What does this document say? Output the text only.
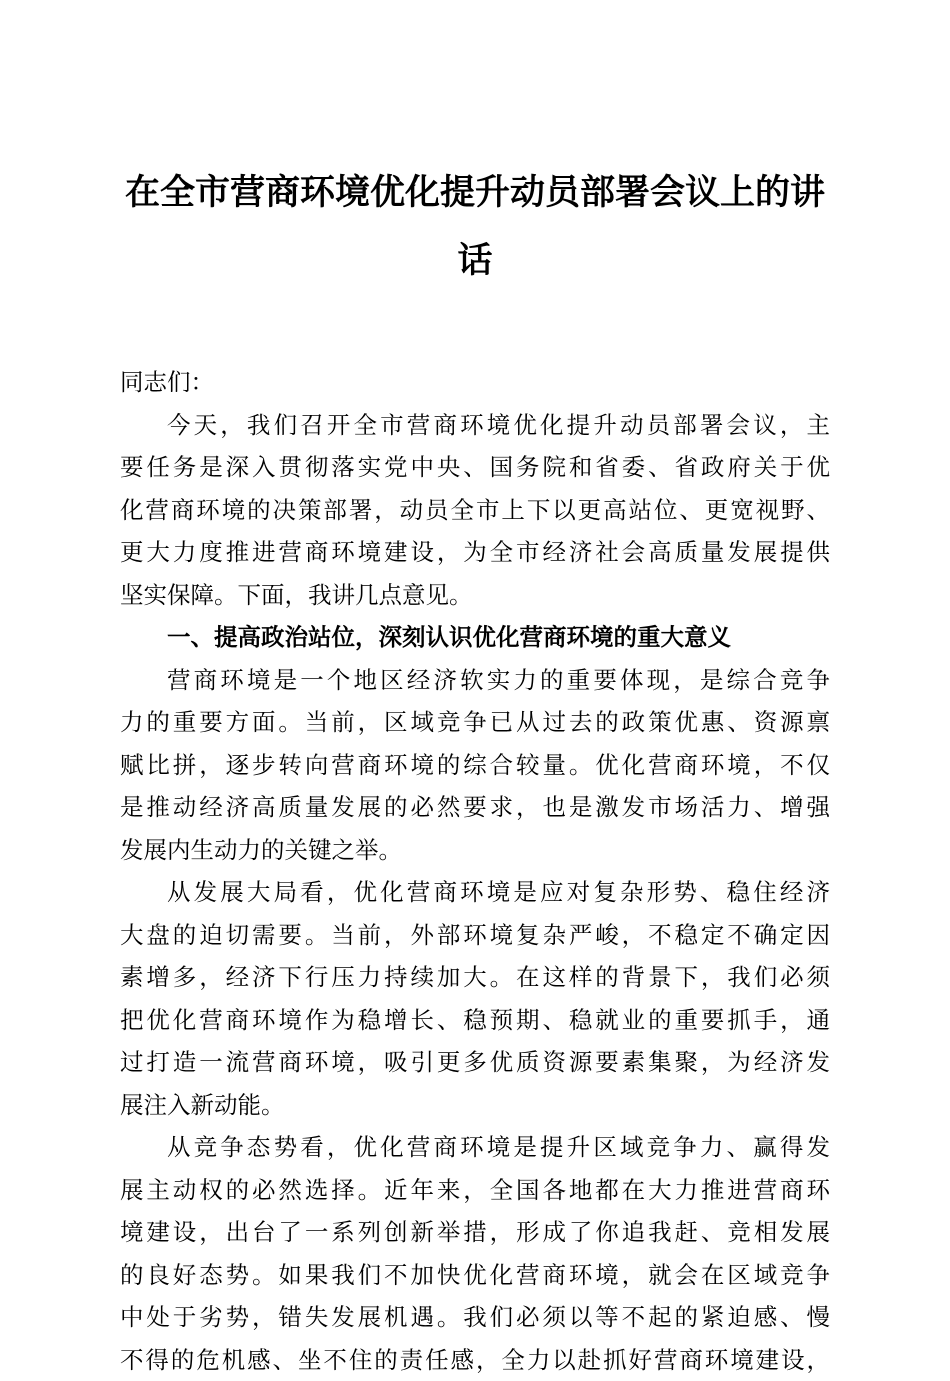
在全市营商环境优化提升动员部署会议上的讲
话
同志们：
今天，我们召开全市营商环境优化提升动员部署会议，主
要任务是深入贯彻落实党中央、国务院和省委、省政府关于优
化营商环境的决策部署，动员全市上下以更高站位、更宽视野、
更大力度推进营商环境建设，为全市经济社会高质量发展提供
坚实保障。下面，我讲几点意见。
一、提高政治站位，深刻认识优化营商环境的重大意义
营商环境是一个地区经济软实力的重要体现，是综合竞争
力的重要方面。当前，区域竞争已从过去的政策优惠、资源禀
赋比拼，逐步转向营商环境的综合较量。优化营商环境，不仅
是推动经济高质量发展的必然要求，也是激发市场活力、增强
发展内生动力的关键之举。
从发展大局看，优化营商环境是应对复杂形势、稳住经济
大盘的迫切需要。当前，外部环境复杂严峻，不稳定不确定因
素增多，经济下行压力持续加大。在这样的背景下，我们必须
把优化营商环境作为稳增长、稳预期、稳就业的重要抓手，通
过打造一流营商环境，吸引更多优质资源要素集聚，为经济发
展注入新动能。
从竞争态势看，优化营商环境是提升区域竞争力、赢得发
展主动权的必然选择。近年来，全国各地都在大力推进营商环
境建设，出台了一系列创新举措，形成了你追我赶、竞相发展
的良好态势。如果我们不加快优化营商环境，就会在区域竞争
中处于劣势，错失发展机遇。我们必须以等不起的紧迫感、慢
不得的危机感、坐不住的责任感，全力以赴抓好营商环境建设，
